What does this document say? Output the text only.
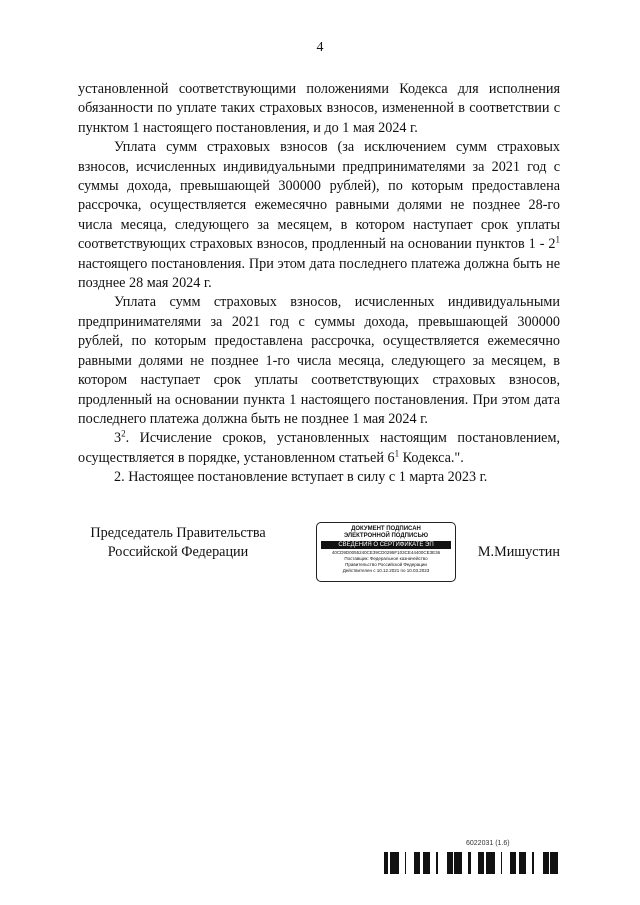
4

установленной соответствующими положениями Кодекса для исполнения обязанности по уплате таких страховых взносов, измененной в соответствии с пунктом 1 настоящего постановления, и до 1 мая 2024 г.

Уплата сумм страховых взносов (за исключением сумм страховых взносов, исчисленных индивидуальными предпринимателями за 2021 год с суммы дохода, превышающей 300000 рублей), по которым предоставлена рассрочка, осуществляется ежемесячно равными долями не позднее 28-го числа месяца, следующего за месяцем, в котором наступает срок уплаты соответствующих страховых взносов, продленный на основании пунктов $1 - 2^1$ настоящего постановления. При этом дата последнего платежа должна быть не позднее 28 мая 2024 г.

Уплата сумм страховых взносов, исчисленных индивидуальными предпринимателями за 2021 год с суммы дохода, превышающей 300000 рублей, по которым предоставлена рассрочка, осуществляется ежемесячно равными долями не позднее 1-го числа месяца, следующего за месяцем, в котором наступает срок уплаты соответствующих страховых взносов, продленный на основании пункта 1 настоящего постановления. При этом дата последнего платежа должна быть не позднее 1 мая 2024 г.

$3^2$. Исчисление сроков, установленных настоящим постановлением, осуществляется в порядке, установленном статьей $6^1$ Кодекса.".

2. Настоящее постановление вступает в силу с 1 марта 2023 г.

Председатель Правительства
Российской Федерации
ДОКУМЕНТ ПОДПИСАН
ЭЛЕКТРОННОЙ ПОДПИСЬЮ
СВЕДЕНИЯ О СЕРТИФИКАТЕ ЭП
40CD9D0055240CE39CD0295F103CE44400CE3E36
Поставщик: Федеральное казначейство
Правительство Российской Федерации
Действителен с 10.12.2021 по 10.03.2023
М.Мишустин
6022031 (1.6)
